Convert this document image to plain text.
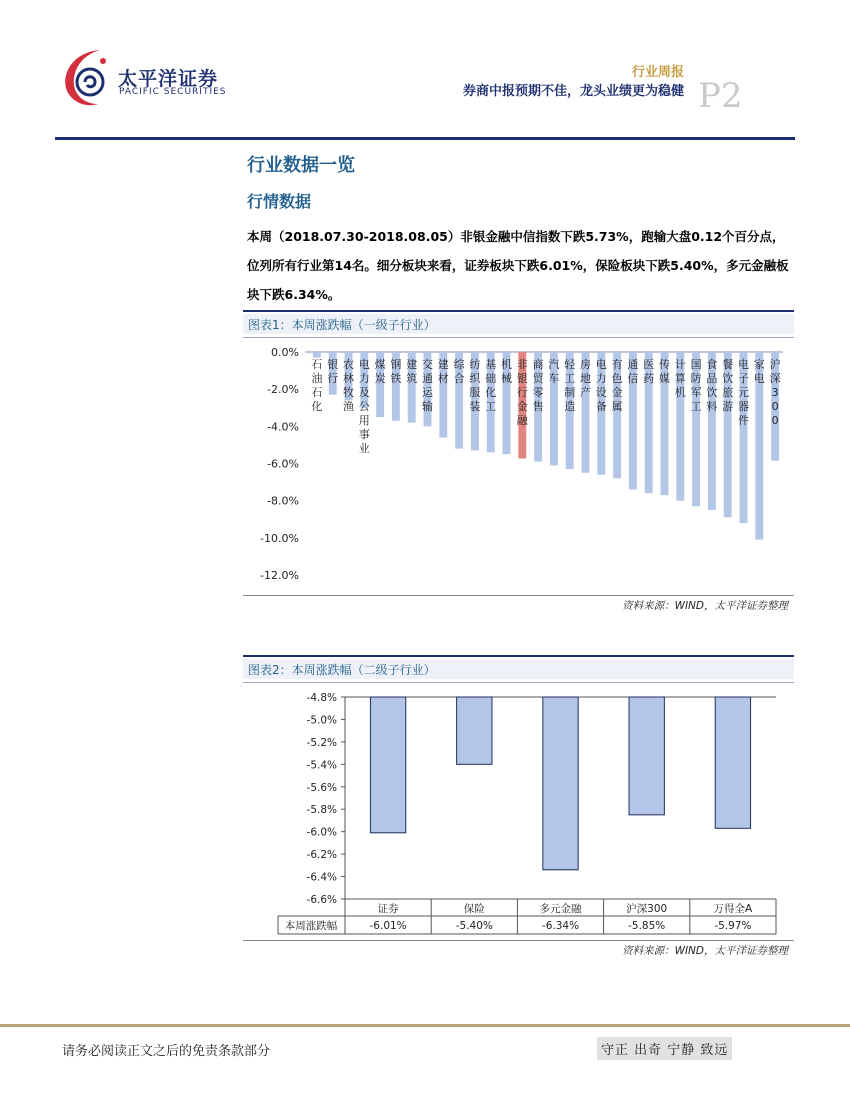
太平洋证券
PACIFIC SECURITIES
行业周报
券商中报预期不佳，龙头业绩更为稳健 P2
行业数据一览
行情数据
本周（2018.07.30-2018.08.05）非银金融中信指数下跌5.73%，跑输大盘0.12个百分点，位列所有行业第14名。细分板块来看，证券板块下跌6.01%，保险板块下跌5.40%，多元金融板块下跌6.34%。
图表1：本周涨跌幅（一级子行业）
0.0%
-2.0%
-4.0%
-6.0%
-8.0%
-10.0%
-12.0%
石油石化
银行
农林牧渔
电力及公用事业
煤炭
钢铁
建筑
交通运输
建材
综合
纺织服装
基础化工
机械
非银行金融
商贸零售
汽车
轻工制造
房地产
电力设备
有色金属
通信
医药
传媒
计算机
国防军工
食品饮料
餐饮旅游
电子元器件
家电
沪深 3 0 0
资料来源：WIND，太平洋证券整理
图表2：本周涨跌幅（二级子行业）
-4.8%
-5.0%
-5.2%
-5.4%
-5.6%
-5.8%
-6.0%
-6.2%
-6.4%
-6.6%
本周涨跌幅
证券
-6.01%
保险
-5.40%
多元金融
-6.34%
沪深300
-5.85%
万得全A
-5.97%
资料来源：WIND，太平洋证券整理
请务必阅读正文之后的免责条款部分	守正 出奇 宁静 致远
